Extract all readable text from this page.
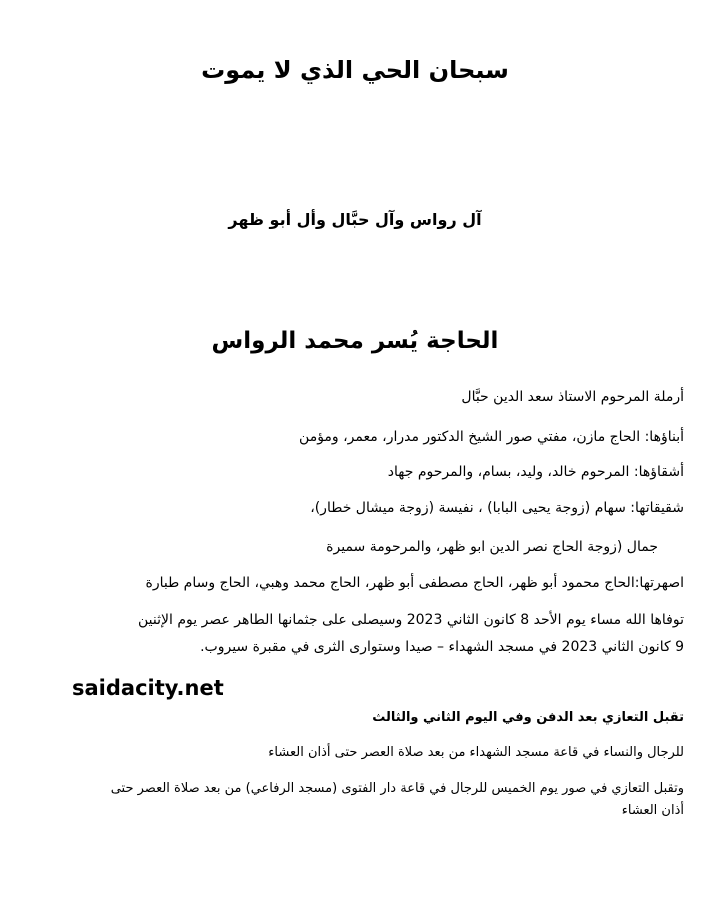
سبحان الحي الذي لا يموت
آل رواس وآل حبَّال وأل أبو ظهر
الحاجة يُسر محمد الرواس
أرملة المرحوم الاستاذ سعد الدين حبَّال
أبناؤها: الحاج مازن، مفتي صور الشيخ الدكتور مدرار، معمر، ومؤمن
أشقاؤها: المرحوم خالد، وليد، بسام، والمرحوم جهاد
شقيقاتها: سهام (زوجة يحيى البابا) ، نفيسة (زوجة ميشال خطار)،
جمال (زوجة الحاج نصر الدين ابو ظهر، والمرحومة سميرة
اصهرتها:الحاج محمود أبو ظهر، الحاج مصطفى أبو ظهر، الحاج محمد وهبي، الحاج وسام طبارة
توفاها الله مساء يوم الأحد 8 كانون الثاني 2023 وسيصلى على جثمانها الطاهر عصر يوم الإثنين
9 كانون الثاني 2023 في مسجد الشهداء – صيدا وستوارى الثرى في مقبرة سيروب.
saidacity.net
تقبل التعازي بعد الدفن وفي اليوم الثاني والثالث
للرجال والنساء في قاعة مسجد الشهداء من بعد صلاة العصر حتى أذان العشاء
وتقبل التعازي في صور يوم الخميس للرجال في قاعة دار الفتوى (مسجد الرفاعي) من بعد صلاة العصر حتى
أذان العشاء
